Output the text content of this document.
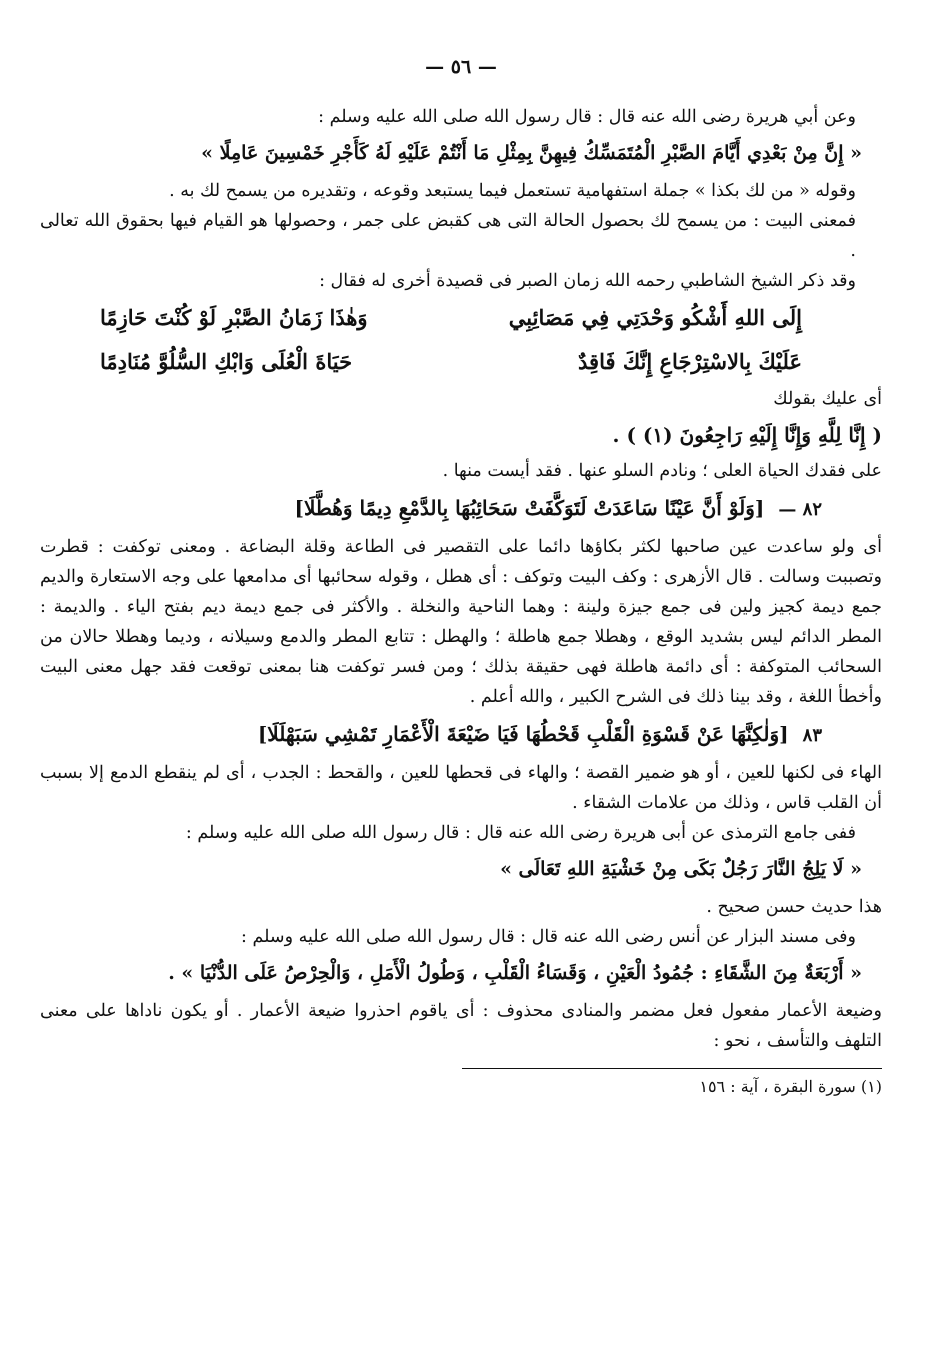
— ٥٦ —

وعن أبي هريرة رضى الله عنه قال : قال رسول الله صلى الله عليه وسلم :

« إِنَّ مِنْ بَعْدِي أَيَّامَ الصَّبْرِ الْمُتَمَسِّكُ فِيهِنَّ بِمِثْلِ مَا أَنْتُمْ عَلَيْهِ لَهُ كَأَجْرِ خَمْسِينَ عَامِلًا »

وقوله « من لك بكذا » جملة استفهامية تستعمل فيما يستبعد وقوعه ، وتقديره من يسمح لك به .

فمعنى البيت : من يسمح لك بحصول الحالة التى هى كقبض على جمر ، وحصولها هو القيام فيها بحقوق الله تعالى .

وقد ذكر الشيخ الشاطبي رحمه الله زمان الصبر فى قصيدة أخرى له فقال :

إِلَى اللهِ أَشْكُو وَحْدَتِي فِي مَصَائِبِي
وَهٰذَا زَمَانُ الصَّبْرِ لَوْ كُنْتَ حَازِمًا
عَلَيْكَ بِالاسْتِرْجَاعِ إِنَّكَ فَاقِدٌ
حَيَاةَ الْعُلَى وَابْكِ السُّلُوَّ مُنَادِمًا

أى عليك بقولك

( إِنَّا لِلَّهِ وَإِنَّا إِلَيْهِ رَاجِعُونَ (١) ) .

على فقدك الحياة العلى ؛ ونادم السلو عنها . فقد أيست منها .

٨٢ —
[وَلَوْ أَنَّ عَيْنًا سَاعَدَتْ لَتَوَكَّفَتْ سَحَائِبُهَا بِالدَّمْعِ دِيمًا وَهُطَّلَا]

أى ولو ساعدت عين صاحبها لكثر بكاؤها دائما على التقصير فى الطاعة وقلة البضاعة . ومعنى توكفت : قطرت وتصببت وسالت . قال الأزهرى : وكف البيت وتوكف : أى هطل ، وقوله سحائبها أى مدامعها على وجه الاستعارة والديم جمع ديمة كجيز ولين فى جمع جيزة ولينة : وهما الناحية والنخلة . والأكثر فى جمع ديمة ديم بفتح الياء . والديمة : المطر الدائم ليس بشديد الوقع ، وهطلا جمع هاطلة ؛ والهطل : تتابع المطر والدمع وسيلانه ، وديما وهطلا حالان من السحائب المتوكفة : أى دائمة هاطلة فهى حقيقة بذلك ؛ ومن فسر توكفت هنا بمعنى توقعت فقد جهل معنى البيت وأخطأ اللغة ، وقد بينا ذلك فى الشرح الكبير ، والله أعلم .

٨٣
[وَلٰكِنَّهَا عَنْ قَسْوَةِ الْقَلْبِ قَحْطُهَا فَيَا ضَيْعَةَ الْأَعْمَارِ تَمْشِي سَبَهْلَلَا]

الهاء فى لكنها للعين ، أو هو ضمير القصة ؛ والهاء فى قحطها للعين ، والقحط : الجدب ، أى لم ينقطع الدمع إلا بسبب أن القلب قاس ، وذلك من علامات الشقاء .

ففى جامع الترمذى عن أبى هريرة رضى الله عنه قال : قال رسول الله صلى الله عليه وسلم :

« لَا يَلِجُ النَّارَ رَجُلٌ بَكَى مِنْ خَشْيَةِ اللهِ تَعَالَى »

هذا حديث حسن صحيح .

وفى مسند البزار عن أنس رضى الله عنه قال : قال رسول الله صلى الله عليه وسلم :

« أَرْبَعَةٌ مِنَ الشَّقَاءِ : جُمُودُ الْعَيْنِ ، وَقَسَاءُ الْقَلْبِ ، وَطُولُ الْأَمَلِ ، وَالْحِرْصُ عَلَى الدُّنْيَا » .

وضيعة الأعمار مفعول فعل مضمر والمنادى محذوف : أى ياقوم احذروا ضيعة الأعمار . أو يكون ناداها على معنى التلهف والتأسف ، نحو :

(١) سورة البقرة ، آية : ١٥٦
